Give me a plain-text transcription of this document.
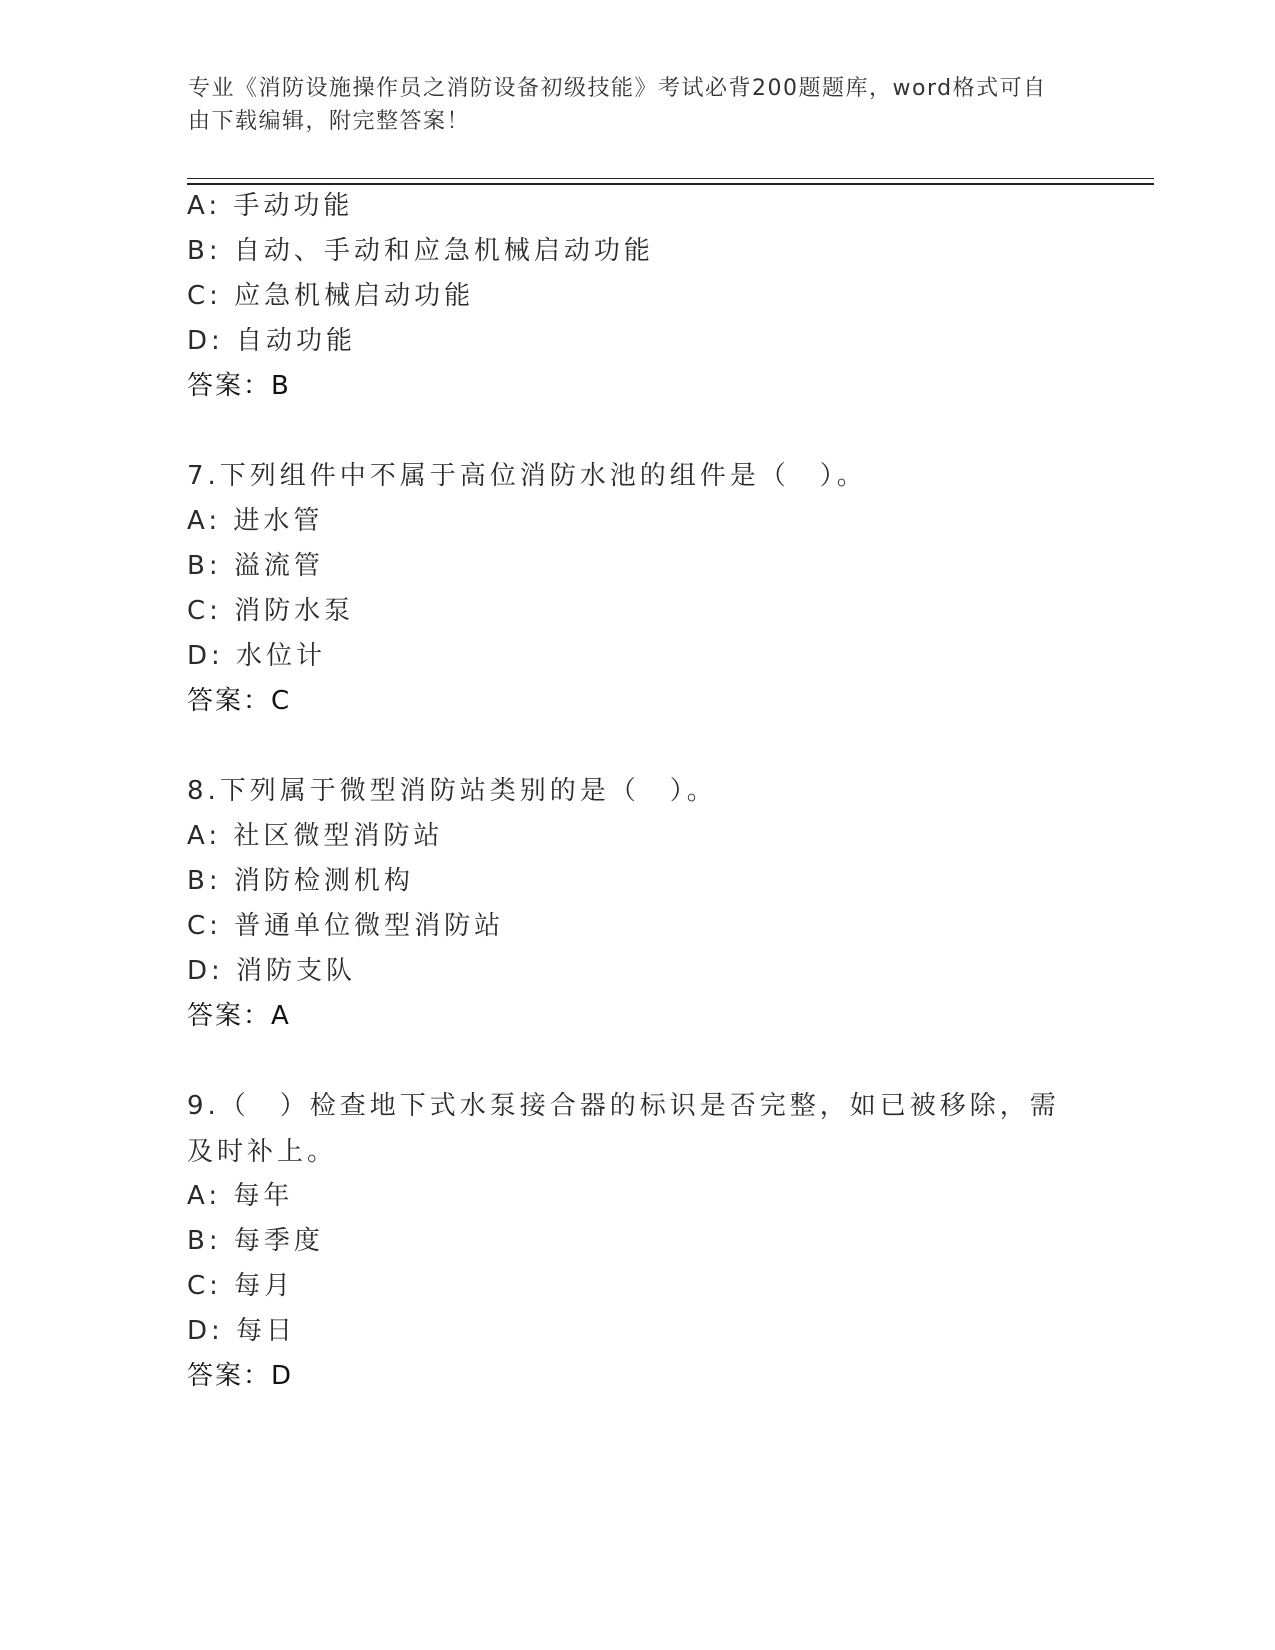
专业《消防设施操作员之消防设备初级技能》考试必背200题题库，word格式可自由下载编辑，附完整答案！
A: 手动功能
B: 自动、手动和应急机械启动功能
C: 应急机械启动功能
D: 自动功能
答案：B
7.下列组件中不属于高位消防水池的组件是（　）。
A: 进水管
B: 溢流管
C: 消防水泵
D: 水位计
答案：C
8.下列属于微型消防站类别的是（　）。
A: 社区微型消防站
B: 消防检测机构
C: 普通单位微型消防站
D: 消防支队
答案：A
9.（　）检查地下式水泵接合器的标识是否完整，如已被移除，需及时补上。
A: 每年
B: 每季度
C: 每月
D: 每日
答案：D
